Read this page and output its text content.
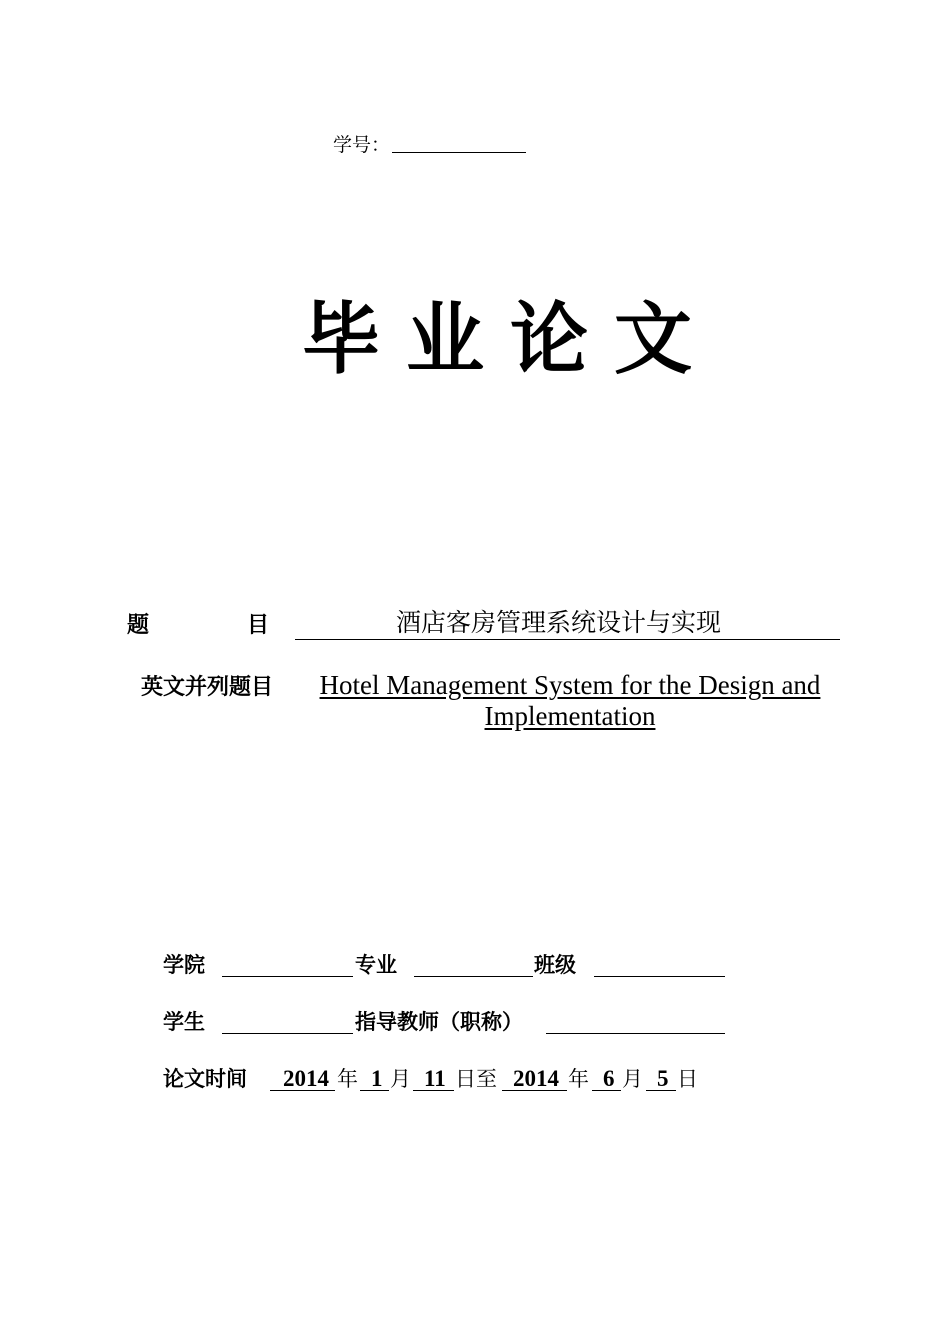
学号：
毕业论文
题	目	酒店客房管理系统设计与实现
英文并列题目	Hotel Management System for the Design and Implementation
学院	专业	班级
学生	指导教师（职称）
论文时间 2014 年 1 月 11 日至 2014 年 6 月 5 日
